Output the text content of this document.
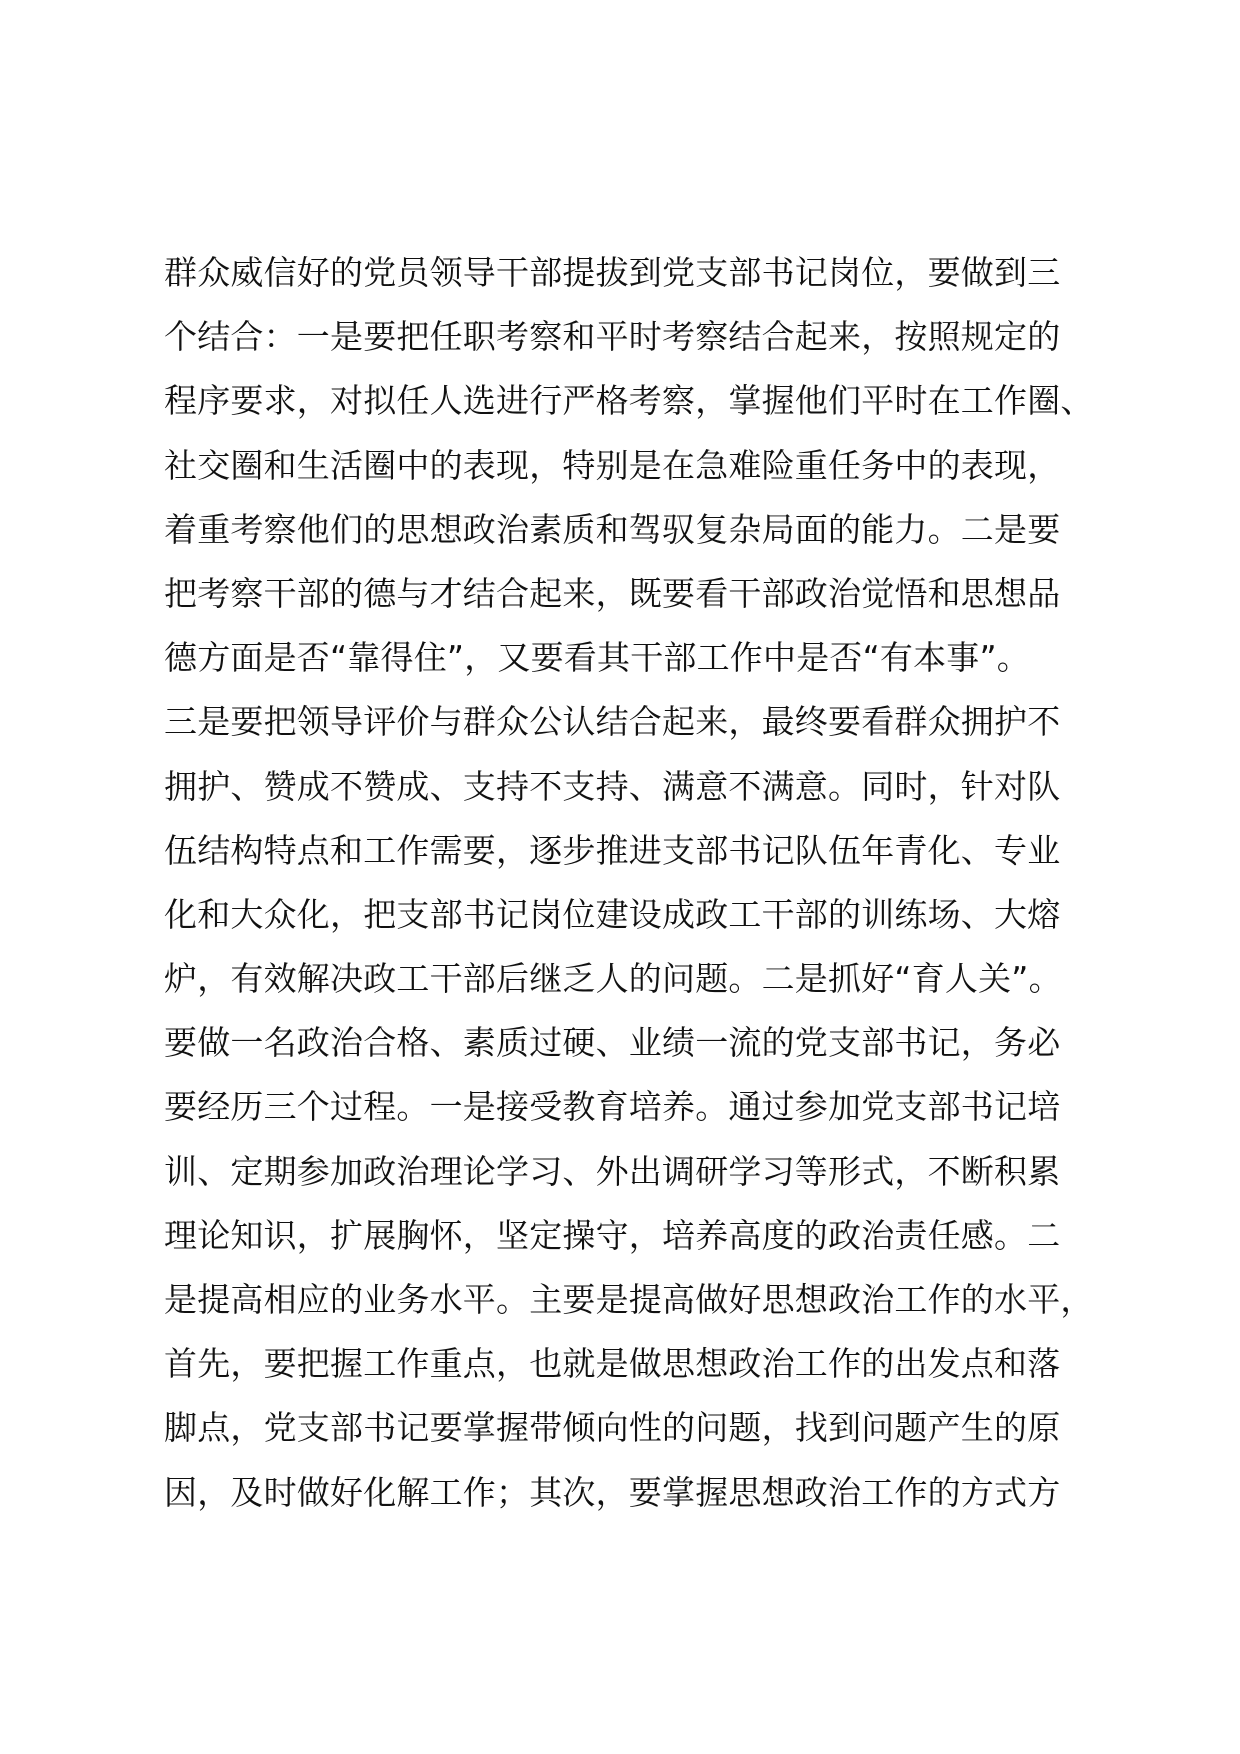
群众威信好的党员领导干部提拔到党支部书记岗位，要做到三
个结合：一是要把任职考察和平时考察结合起来，按照规定的
程序要求，对拟任人选进行严格考察，掌握他们平时在工作圈、
社交圈和生活圈中的表现，特别是在急难险重任务中的表现，
着重考察他们的思想政治素质和驾驭复杂局面的能力。二是要
把考察干部的德与才结合起来，既要看干部政治觉悟和思想品
德方面是否“靠得住”，又要看其干部工作中是否“有本事”。
三是要把领导评价与群众公认结合起来，最终要看群众拥护不
拥护、赞成不赞成、支持不支持、满意不满意。同时，针对队
伍结构特点和工作需要，逐步推进支部书记队伍年青化、专业
化和大众化，把支部书记岗位建设成政工干部的训练场、大熔
炉，有效解决政工干部后继乏人的问题。二是抓好“育人关”。
要做一名政治合格、素质过硬、业绩一流的党支部书记，务必
要经历三个过程。一是接受教育培养。通过参加党支部书记培
训、定期参加政治理论学习、外出调研学习等形式，不断积累
理论知识，扩展胸怀，坚定操守，培养高度的政治责任感。二
是提高相应的业务水平。主要是提高做好思想政治工作的水平，
首先，要把握工作重点，也就是做思想政治工作的出发点和落
脚点，党支部书记要掌握带倾向性的问题，找到问题产生的原
因，及时做好化解工作；其次，要掌握思想政治工作的方式方
